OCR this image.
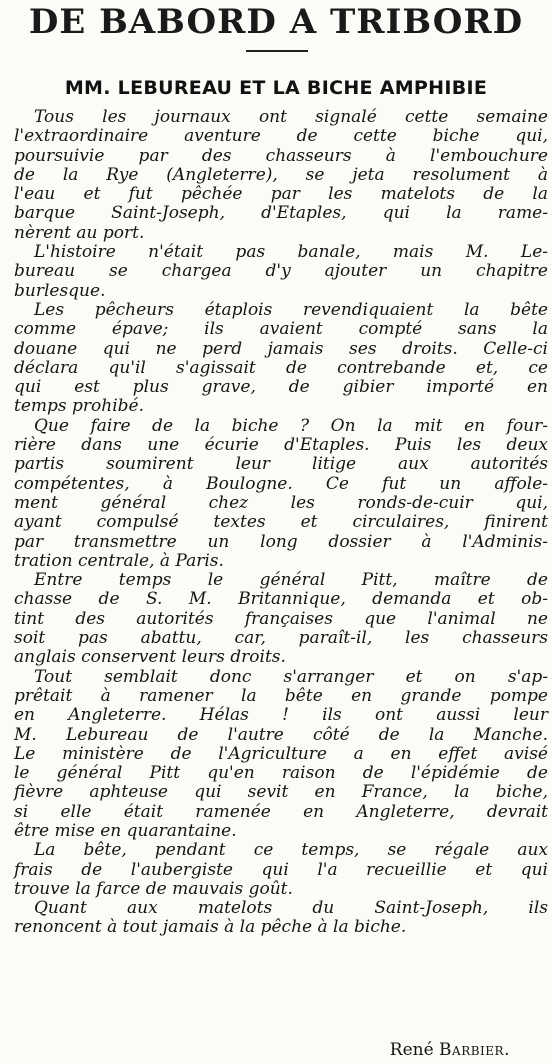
DE BABORD A TRIBORD
MM. LEBUREAU ET LA BICHE AMPHIBIE
Tous les journaux ont signalé cette semaine
l'extraordinaire aventure de cette biche qui,
poursuivie par des chasseurs à l'embouchure
de la Rye (Angleterre), se jeta resolument à
l'eau et fut pêchée par les matelots de la
barque Saint-Joseph, d'Etaples, qui la rame-
nèrent au port.
L'histoire n'était pas banale, mais M. Le-
bureau se chargea d'y ajouter un chapitre
burlesque.
Les pêcheurs étaplois revendiquaient la bête
comme épave; ils avaient compté sans la
douane qui ne perd jamais ses droits. Celle-ci
déclara qu'il s'agissait de contrebande et, ce
qui est plus grave, de gibier importé en
temps prohibé.
Que faire de la biche ? On la mit en four-
rière dans une écurie d'Etaples. Puis les deux
partis soumirent leur litige aux autorités
compétentes, à Boulogne. Ce fut un affole-
ment général chez les ronds-de-cuir qui,
ayant compulsé textes et circulaires, finirent
par transmettre un long dossier à l'Adminis-
tration centrale, à Paris.
Entre temps le général Pitt, maître de
chasse de S. M. Britannique, demanda et ob-
tint des autorités françaises que l'animal ne
soit pas abattu, car, paraît-il, les chasseurs
anglais conservent leurs droits.
Tout semblait donc s'arranger et on s'ap-
prêtait à ramener la bête en grande pompe
en Angleterre. Hélas ! ils ont aussi leur
M. Lebureau de l'autre côté de la Manche.
Le ministère de l'Agriculture a en effet avisé
le général Pitt qu'en raison de l'épidémie de
fièvre aphteuse qui sevit en France, la biche,
si elle était ramenée en Angleterre, devrait
être mise en quarantaine.
La bête, pendant ce temps, se régale aux
frais de l'aubergiste qui l'a recueillie et qui
trouve la farce de mauvais goût.
Quant aux matelots du Saint-Joseph, ils
renoncent à tout jamais à la pêche à la biche.
René Barbier.
